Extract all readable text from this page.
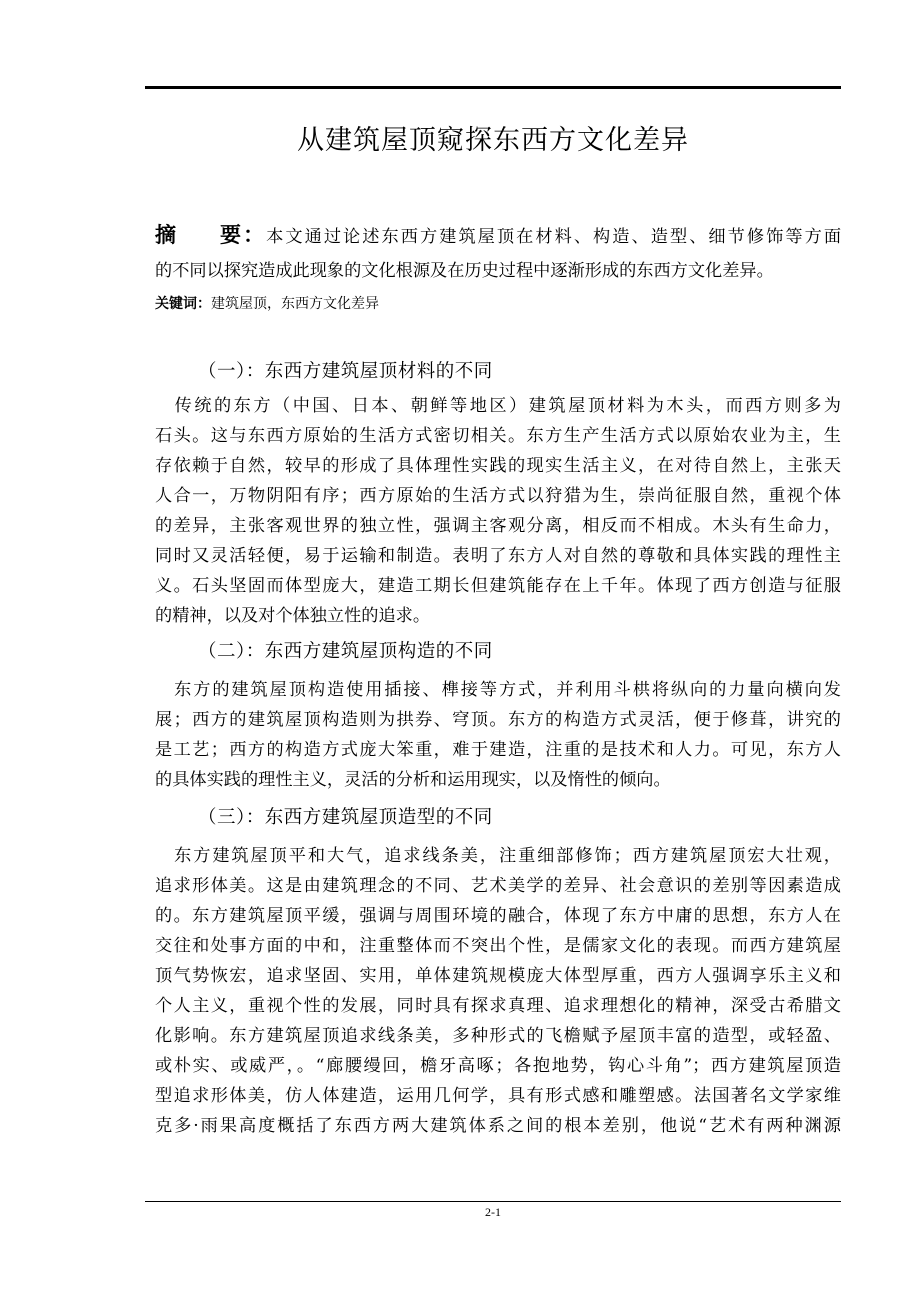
从建筑屋顶窥探东西方文化差异
摘 要：本文通过论述东西方建筑屋顶在材料、构造、造型、细节修饰等方面
的不同以探究造成此现象的文化根源及在历史过程中逐渐形成的东西方文化差异。
关键词：建筑屋顶，东西方文化差异
（一）：东西方建筑屋顶材料的不同
　传统的东方（中国、日本、朝鲜等地区）建筑屋顶材料为木头，而西方则多为
石头。这与东西方原始的生活方式密切相关。东方生产生活方式以原始农业为主，生
存依赖于自然，较早的形成了具体理性实践的现实生活主义，在对待自然上，主张天
人合一，万物阴阳有序；西方原始的生活方式以狩猎为生，崇尚征服自然，重视个体
的差异，主张客观世界的独立性，强调主客观分离，相反而不相成。木头有生命力，
同时又灵活轻便，易于运输和制造。表明了东方人对自然的尊敬和具体实践的理性主
义。石头坚固而体型庞大，建造工期长但建筑能存在上千年。体现了西方创造与征服
的精神，以及对个体独立性的追求。
（二）：东西方建筑屋顶构造的不同
　东方的建筑屋顶构造使用插接、榫接等方式，并利用斗栱将纵向的力量向横向发
展；西方的建筑屋顶构造则为拱券、穹顶。东方的构造方式灵活，便于修葺，讲究的
是工艺；西方的构造方式庞大笨重，难于建造，注重的是技术和人力。可见，东方人
的具体实践的理性主义，灵活的分析和运用现实，以及惰性的倾向。
（三）：东西方建筑屋顶造型的不同
　东方建筑屋顶平和大气，追求线条美，注重细部修饰；西方建筑屋顶宏大壮观，
追求形体美。这是由建筑理念的不同、艺术美学的差异、社会意识的差别等因素造成
的。东方建筑屋顶平缓，强调与周围环境的融合，体现了东方中庸的思想，东方人在
交往和处事方面的中和，注重整体而不突出个性，是儒家文化的表现。而西方建筑屋
顶气势恢宏，追求坚固、实用，单体建筑规模庞大体型厚重，西方人强调享乐主义和
个人主义，重视个性的发展，同时具有探求真理、追求理想化的精神，深受古希腊文
化影响。东方建筑屋顶追求线条美，多种形式的飞檐赋予屋顶丰富的造型，或轻盈、
或朴实、或威严，。“廊腰缦回，檐牙高啄；各抱地势，钩心斗角”；西方建筑屋顶造
型追求形体美，仿人体建造，运用几何学，具有形式感和雕塑感。法国著名文学家维
克多·雨果高度概括了东西方两大建筑体系之间的根本差别，他说“艺术有两种渊源
2-1
